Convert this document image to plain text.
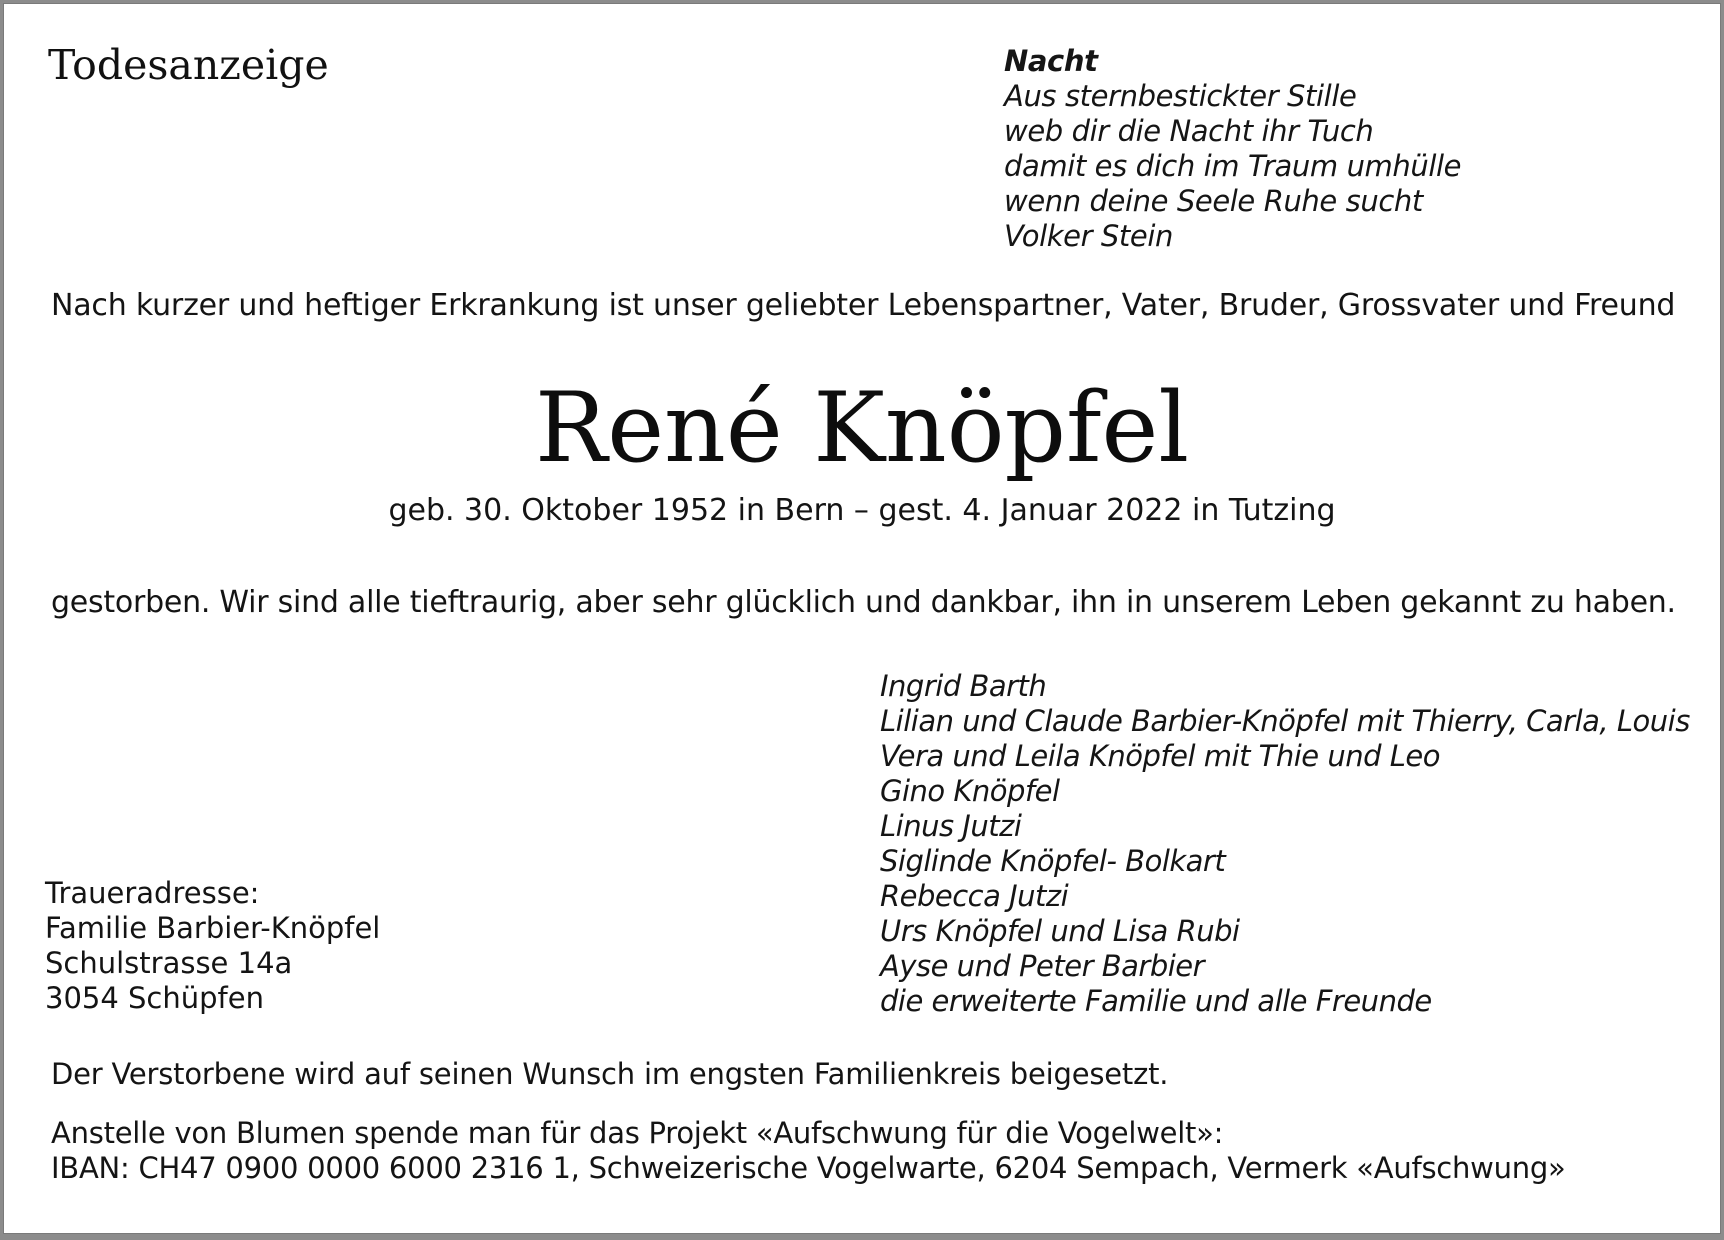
Todesanzeige	Nacht
Aus sternbestickter Stille
web dir die Nacht ihr Tuch
damit es dich im Traum umhülle
wenn deine Seele Ruhe sucht
Volker Stein
Nach kurzer und heftiger Erkrankung ist unser geliebter Lebenspartner, Vater, Bruder, Grossvater und Freund
René Knöpfel
geb. 30. Oktober 1952 in Bern – gest. 4. Januar 2022 in Tutzing
gestorben. Wir sind alle tieftraurig, aber sehr glücklich und dankbar, ihn in unserem Leben gekannt zu haben.
Ingrid Barth
Lilian und Claude Barbier-Knöpfel mit Thierry, Carla, Louis
Vera und Leila Knöpfel mit Thie und Leo
Gino Knöpfel
Linus Jutzi
Siglinde Knöpfel- Bolkart
Rebecca Jutzi
Urs Knöpfel und Lisa Rubi
Ayse und Peter Barbier
die erweiterte Familie und alle Freunde
Traueradresse:
Familie Barbier-Knöpfel
Schulstrasse 14a
3054 Schüpfen
Der Verstorbene wird auf seinen Wunsch im engsten Familienkreis beigesetzt.
Anstelle von Blumen spende man für das Projekt «Aufschwung für die Vogelwelt»:
IBAN: CH47 0900 0000 6000 2316 1, Schweizerische Vogelwarte, 6204 Sempach, Vermerk «Aufschwung»
